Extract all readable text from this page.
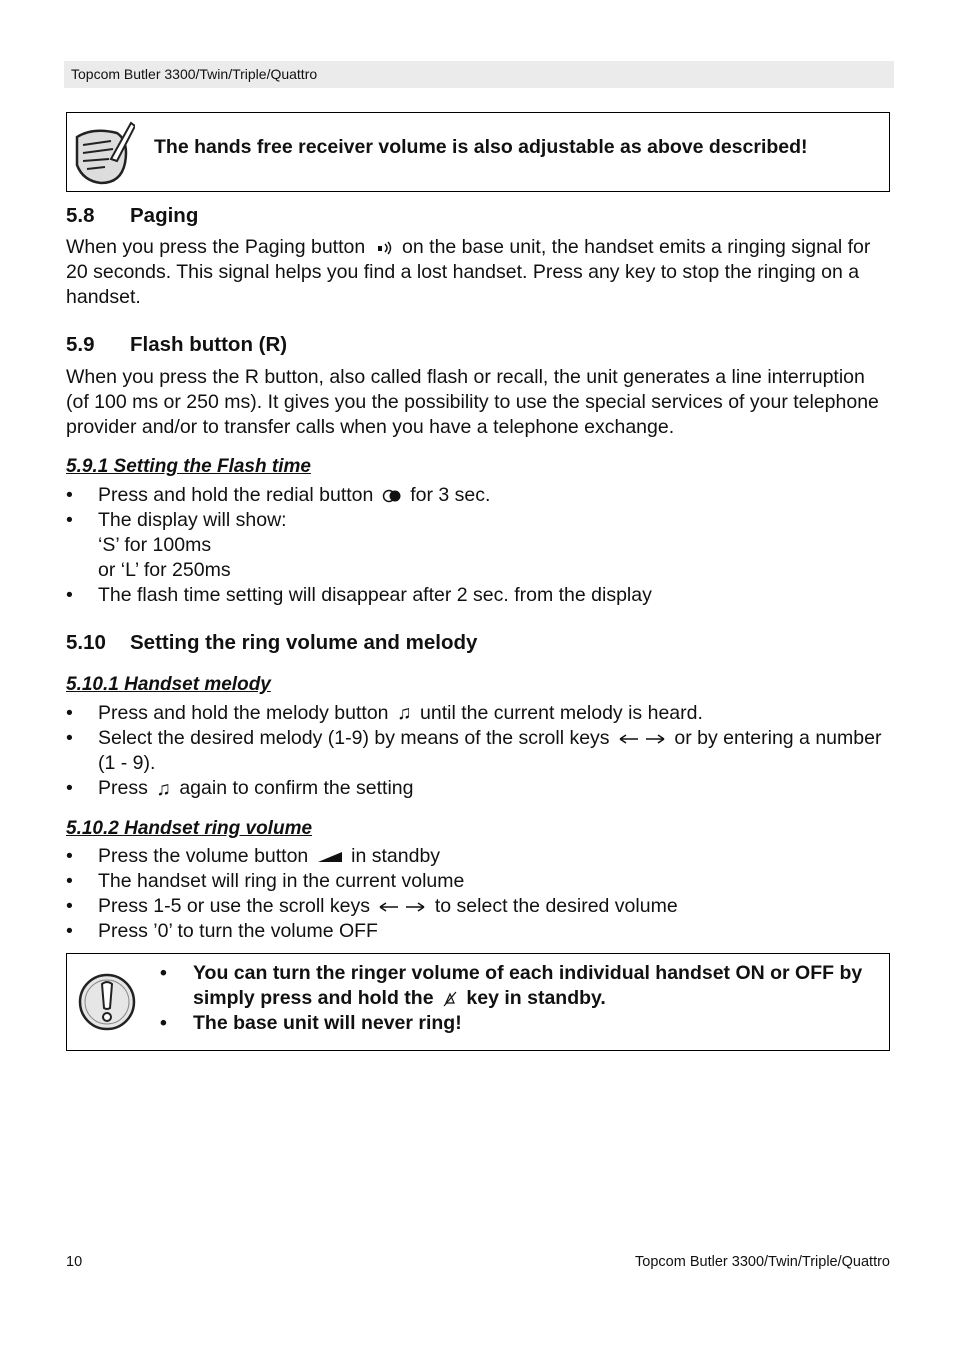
Topcom Butler 3300/Twin/Triple/Quattro
The hands free receiver volume is also adjustable as above described!
5.8 Paging
When you press the Paging button on the base unit, the handset emits a ringing signal for 20 seconds. This signal helps you find a lost handset. Press any key to stop the ringing on a handset.
5.9 Flash button (R)
When you press the R button, also called flash or recall, the unit generates a line interruption (of 100 ms or 250 ms). It gives you the possibility to use the special services of your telephone provider and/or to transfer calls when you have a telephone exchange.
5.9.1 Setting the Flash time
• Press and hold the redial button for 3 sec.
• The display will show:
‘S’ for 100ms
or ‘L’ for 250ms
• The flash time setting will disappear after 2 sec. from the display
5.10 Setting the ring volume and melody
5.10.1 Handset melody
• Press and hold the melody button ♫ until the current melody is heard.
• Select the desired melody (1-9) by means of the scroll keys	or by entering a number (1 - 9).
• Press ♫ again to confirm the setting
5.10.2 Handset ring volume
• Press the volume button in standby
• The handset will ring in the current volume
• Press 1-5 or use the scroll keys	to select the desired volume
• Press ’0’ to turn the volume OFF
• You can turn the ringer volume of each individual handset ON or OFF by simply press and hold the key in standby.
• The base unit will never ring!
10	Topcom Butler 3300/Twin/Triple/Quattro
